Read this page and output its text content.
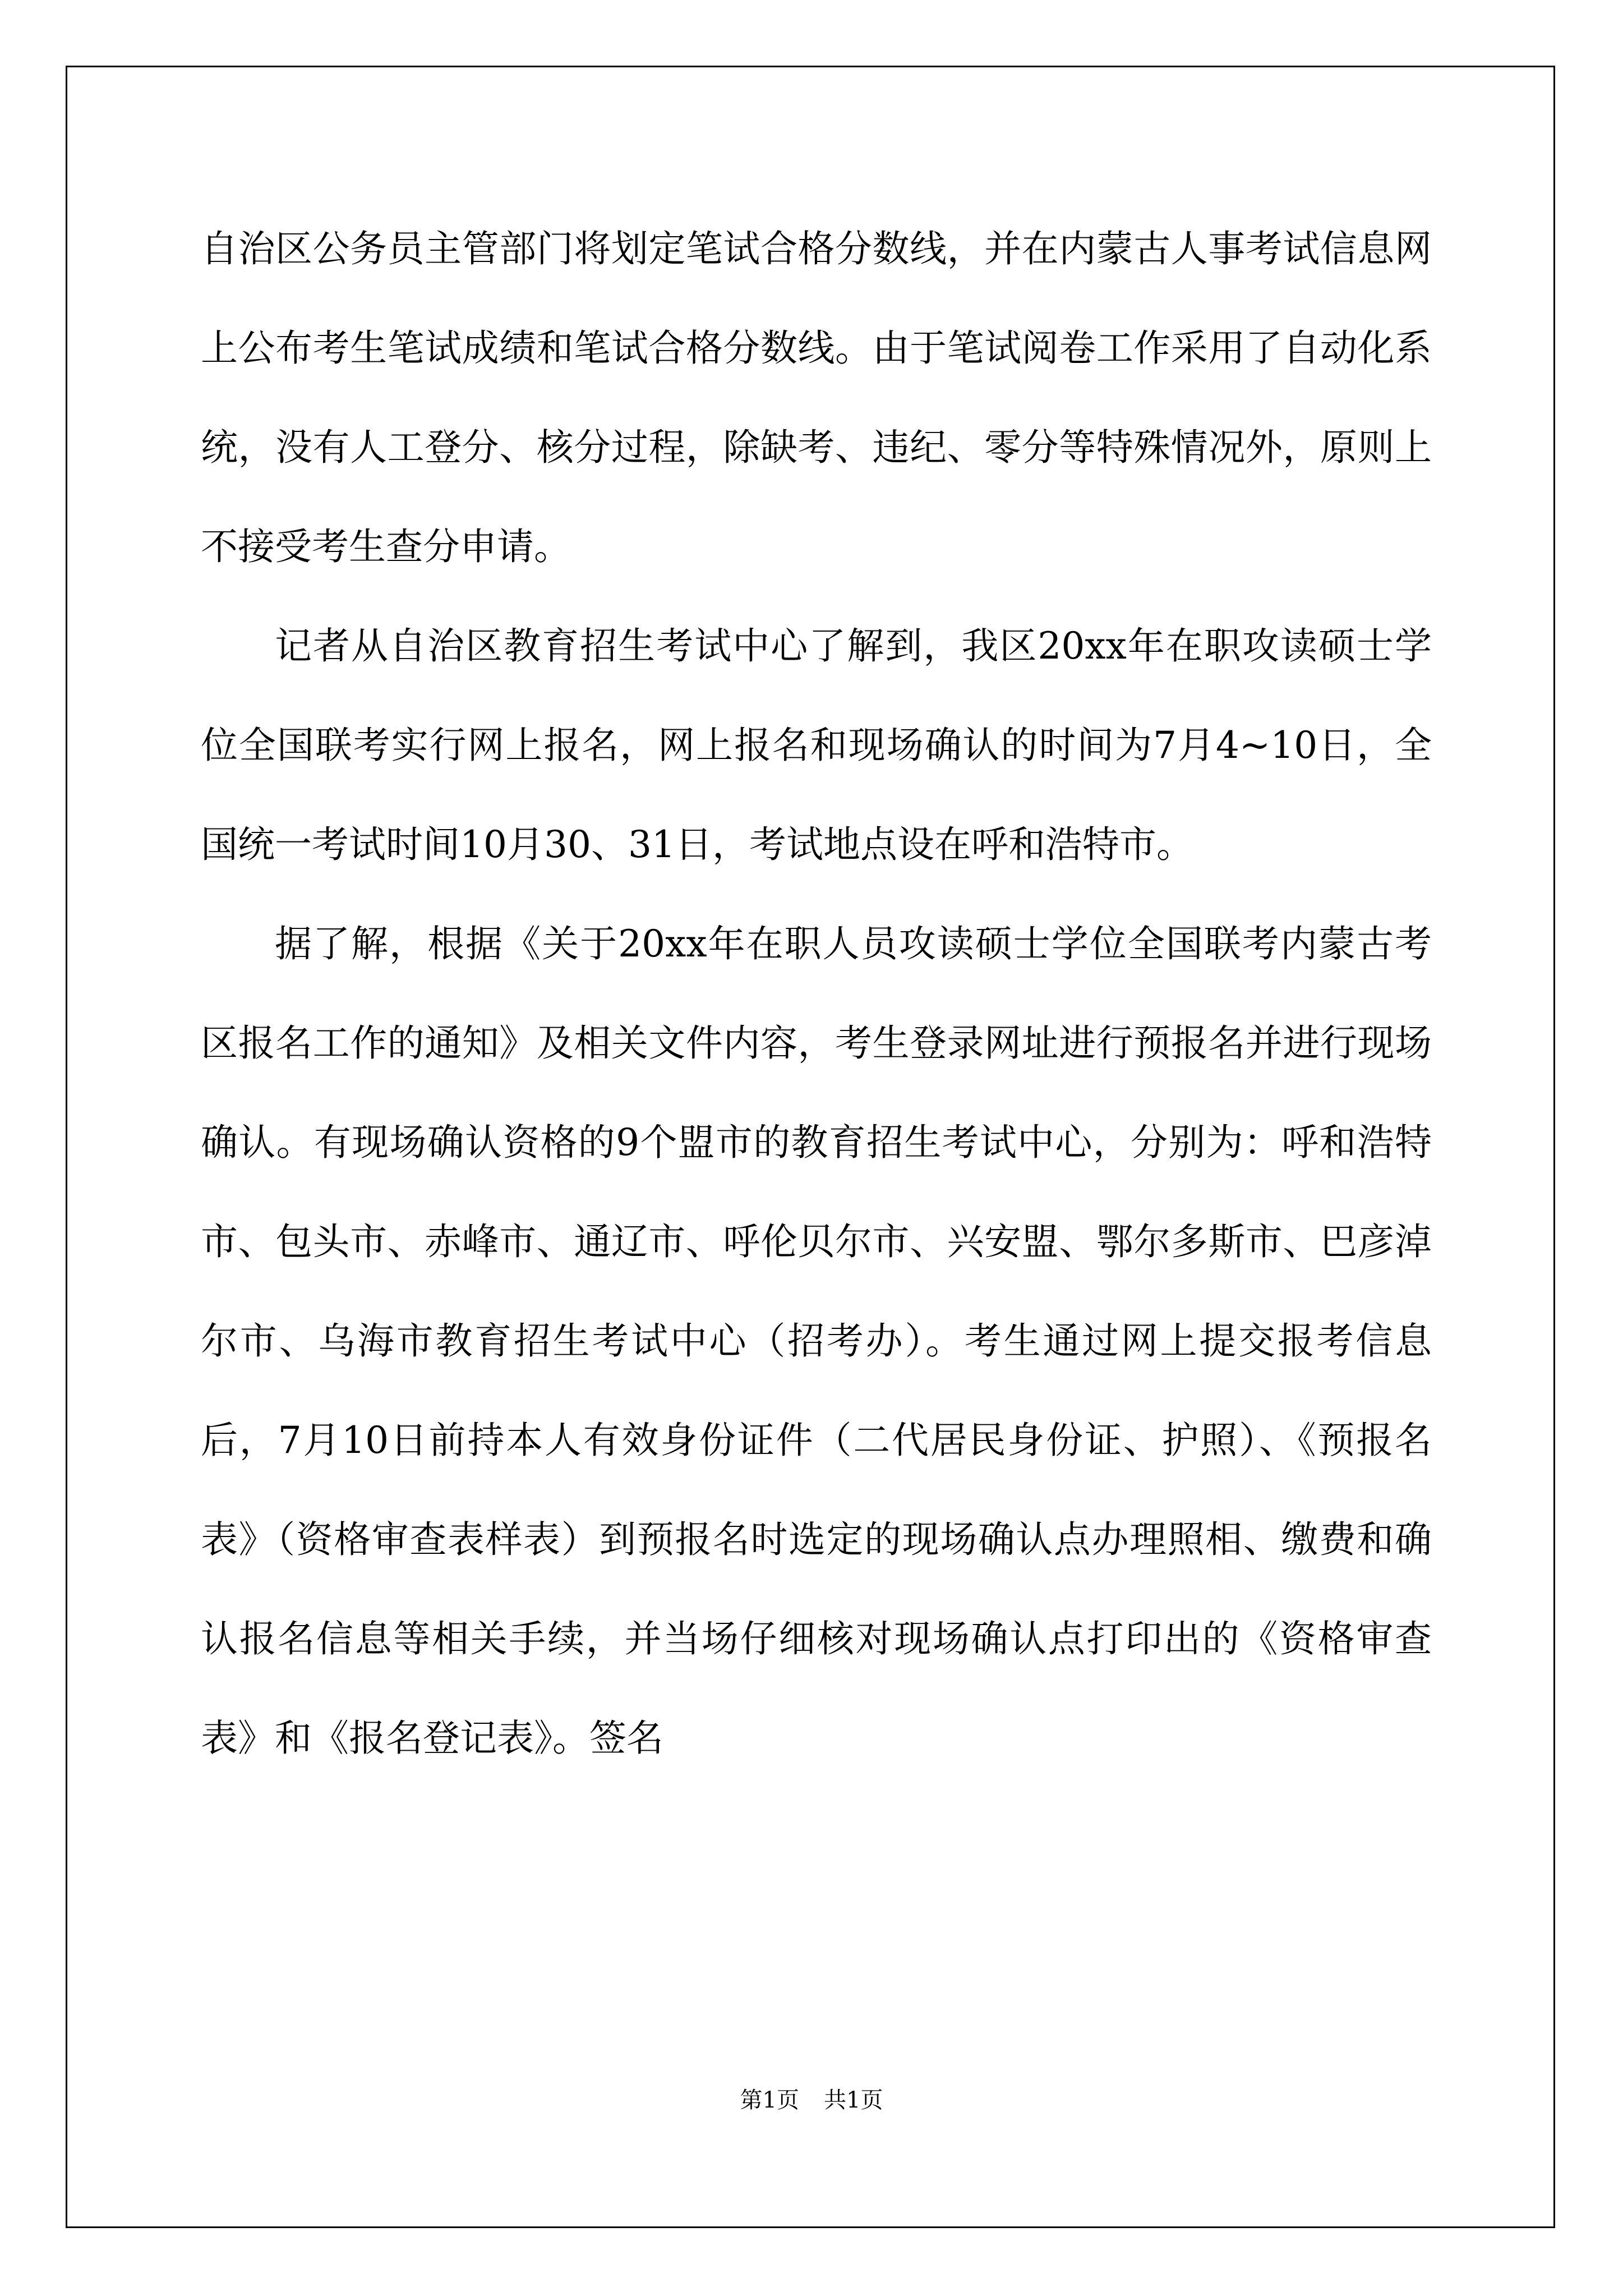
自治区公务员主管部门将划定笔试合格分数线，并在内蒙古人事考试信息网上公布考生笔试成绩和笔试合格分数线。由于笔试阅卷工作采用了自动化系统，没有人工登分、核分过程，除缺考、违纪、零分等特殊情况外，原则上不接受考生查分申请。

记者从自治区教育招生考试中心了解到，我区20xx年在职攻读硕士学位全国联考实行网上报名，网上报名和现场确认的时间为7月4~10日，全国统一考试时间10月30、31日，考试地点设在呼和浩特市。

据了解，根据《关于20xx年在职人员攻读硕士学位全国联考内蒙古考区报名工作的通知》及相关文件内容，考生登录网址进行预报名并进行现场确认。有现场确认资格的9个盟市的教育招生考试中心，分别为：呼和浩特市、包头市、赤峰市、通辽市、呼伦贝尔市、兴安盟、鄂尔多斯市、巴彦淖尔市、乌海市教育招生考试中心（招考办）。考生通过网上提交报考信息后，7月10日前持本人有效身份证件（二代居民身份证、护照）、《预报名表》（资格审查表样表）到预报名时选定的现场确认点办理照相、缴费和确认报名信息等相关手续，并当场仔细核对现场确认点打印出的《资格审查表》和《报名登记表》。签名

第1页 共1页
